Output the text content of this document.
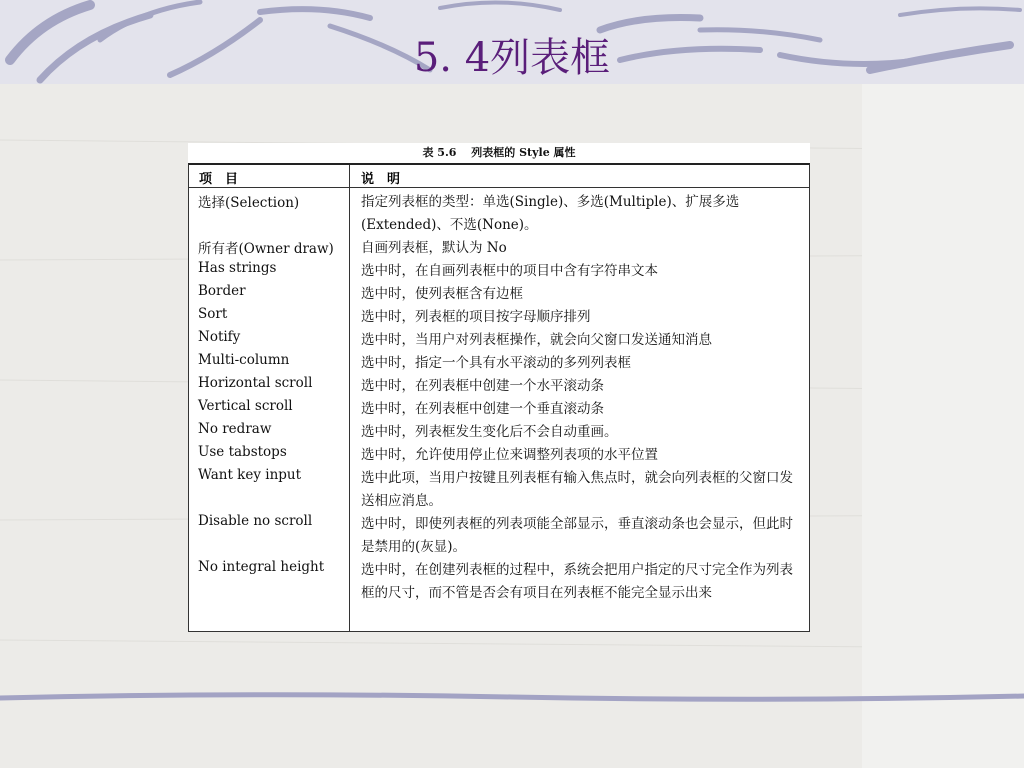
5. 4列表框
表 5.6　 列表框的 Style 属性
项　目	说　明
选择(Selection)	指定列表框的类型：单选(Single)、多选(Multiple)、扩展多选(Extended)、不选(None)。
所有者(Owner draw)	自画列表框，默认为 No
Has strings	选中时，在自画列表框中的项目中含有字符串文本
Border	选中时，使列表框含有边框
Sort	选中时，列表框的项目按字母顺序排列
Notify	选中时，当用户对列表框操作，就会向父窗口发送通知消息
Multi-column	选中时，指定一个具有水平滚动的多列列表框
Horizontal scroll	选中时，在列表框中创建一个水平滚动条
Vertical scroll	选中时，在列表框中创建一个垂直滚动条
No redraw	选中时，列表框发生变化后不会自动重画。
Use tabstops	选中时，允许使用停止位来调整列表项的水平位置
Want key input	选中此项，当用户按键且列表框有输入焦点时，就会向列表框的父窗口发送相应消息。
Disable no scroll	选中时，即使列表框的列表项能全部显示，垂直滚动条也会显示，但此时是禁用的(灰显)。
No integral height	选中时，在创建列表框的过程中，系统会把用户指定的尺寸完全作为列表框的尺寸，而不管是否会有项目在列表框不能完全显示出来
